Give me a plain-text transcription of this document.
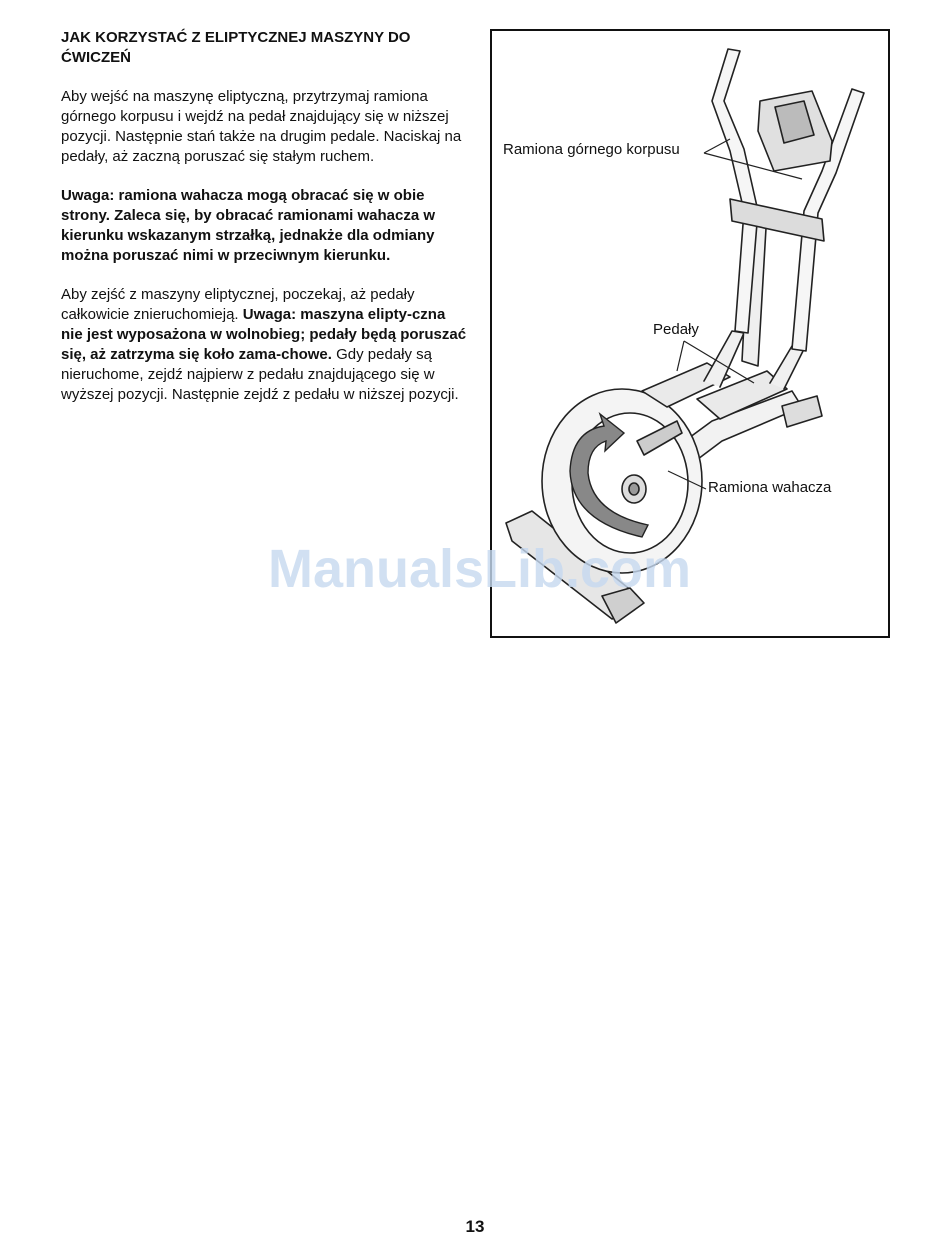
JAK KORZYSTAĆ Z ELIPTYCZNEJ MASZYNY DO ĆWICZEŃ

Aby wejść na maszynę eliptyczną, przytrzymaj ramiona górnego korpusu i wejdź na pedał znajdujący się w niższej pozycji. Następnie stań także na drugim pedale. Naciskaj na pedały, aż zaczną poruszać się stałym ruchem.

Uwaga: ramiona wahacza mogą obracać się w obie strony. Zaleca się, by obracać ramionami wahacza w kierunku wskazanym strzałką, jednakże dla odmiany można poruszać nimi w przeciwnym kierunku.

Aby zejść z maszyny eliptycznej, poczekaj, aż pedały całkowicie znieruchomieją. Uwaga: maszyna elipty-czna nie jest wyposażona w wolnobieg; pedały będą poruszać się, aż zatrzyma się koło zama-chowe. Gdy pedały są nieruchome, zejdź najpierw z pedału znajdującego się w wyższej pozycji. Następnie zejdź z pedału w niższej pozycji.

Ramiona górnego korpusu
Pedały
Ramiona wahacza
ManualsLib.com
13
